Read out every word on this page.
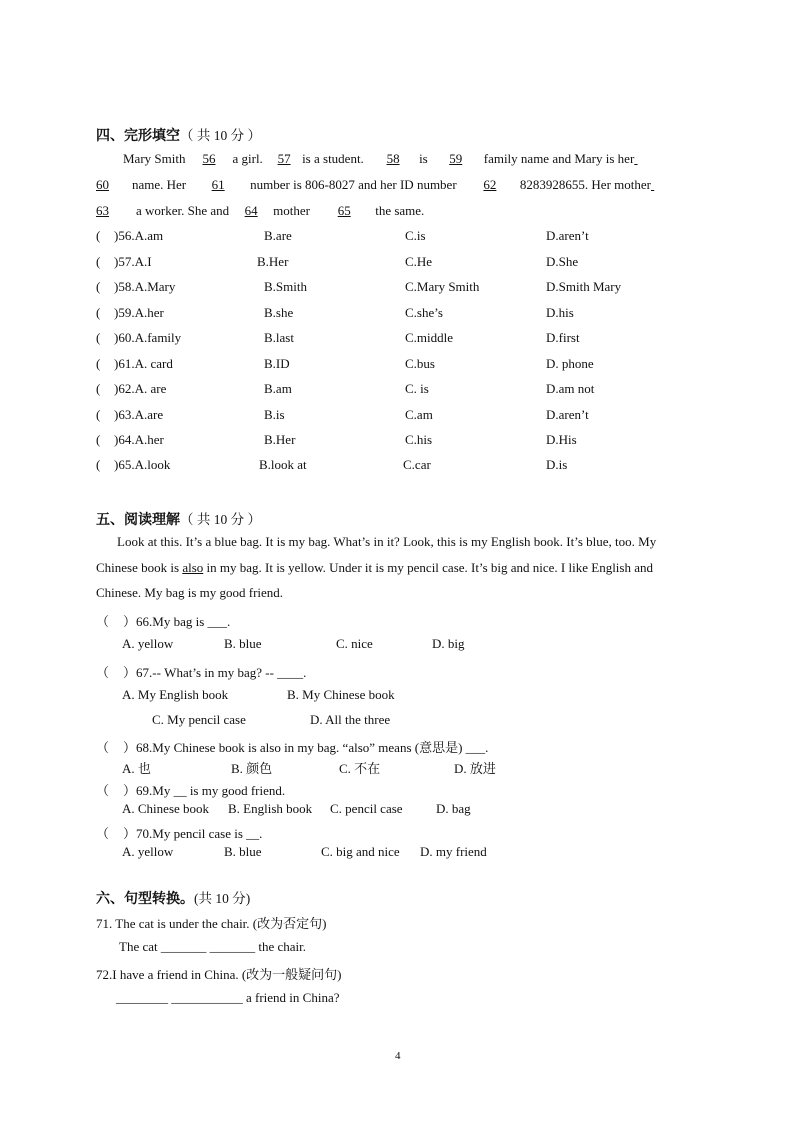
四、完形填空（ 共 10 分 ）
Mary Smith 56 a girl. 57 is a student. 58 is 59 family name and Mary is her
60 name. Her 61 number is 806-8027 and her ID number 62 8283928655. Her mother
63 a worker. She and 64 mother 65 the same.
( )56.A.am	B.are	C.is	D.aren’t
( )57.A.I	B.Her	C.He	D.She
( )58.A.Mary	B.Smith	C.Mary Smith	D.Smith Mary
( )59.A.her	B.she	C.she’s	D.his
( )60.A.family	B.last	C.middle	D.first
( )61.A. card	B.ID	C.bus	D. phone
( )62.A. are	B.am	C. is	D.am not
( )63.A.are	B.is	C.am	D.aren’t
( )64.A.her	B.Her	C.his	D.His
( )65.A.look	B.look at	C.car	D.is
五、阅读理解（ 共 10 分 ）
Look at this. It’s a blue bag. It is my bag. What’s in it? Look, this is my English book. It’s blue, too. My
Chinese book is also in my bag. It is yellow. Under it is my pencil case. It’s big and nice. I like English and
Chinese. My bag is my good friend.
（ ）66.My bag is ___.
A. yellow	B. blue	C. nice	D. big
（ ）67.-- What’s in my bag? -- ____.
A. My English book	B. My Chinese book
C. My pencil case	D. All the three
（ ）68.My Chinese book is also in my bag. “also” means (意思是) ___.
A. 也	B. 颜色	C. 不在	D. 放进
（ ）69.My __ is my good friend.
A. Chinese book B. English book C. pencil case	D. bag
（ ）70.My pencil case is __.
A. yellow	B. blue	C. big and nice D. my friend
六、句型转换。(共 10 分)
71. The cat is under the chair. (改为否定句)
The cat _______ _______ the chair.
72.I have a friend in China. (改为一般疑问句)
________ ___________ a friend in China?
4
